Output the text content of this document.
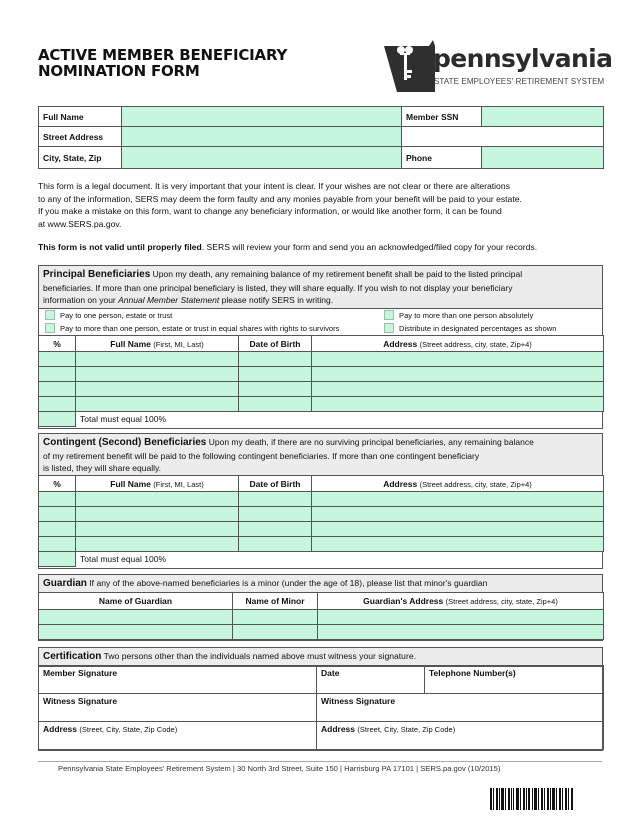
ACTIVE MEMBER BENEFICIARY
NOMINATION FORM	pennsylvania
STATE EMPLOYEES' RETIREMENT SYSTEM
Full Name		Member SSN	
Street Address			
City, State, Zip		Phone	
This form is a legal document. It is very important that your intent is clear. If your wishes are not clear or there are alterations
to any of the information, SERS may deem the form faulty and any monies payable from your benefit will be paid to your estate.
If you make a mistake on this form, want to change any beneficiary information, or would like another form, it can be found
at www.SERS.pa.gov.
This form is not valid until properly filed. SERS will review your form and send you an acknowledged/filed copy for your records.
Principal Beneficiaries Upon my death, any remaining balance of my retirement benefit shall be paid to the listed principal
beneficiaries. If more than one principal beneficiary is listed, they will share equally. If you wish to not display your beneficiary
information on your Annual Member Statement please notify SERS in writing.
Pay to one person, estate or trust	Pay to more than one person absolutely
Pay to more than one person, estate or trust in equal shares with rights to survivors	Distribute in designated percentages as shown
%	Full Name (First, MI, Last)	Date of Birth	Address (Street address, city, state, Zip+4)

	Total must equal 100%		
Contingent (Second) Beneficiaries Upon my death, if there are no surviving principal beneficiaries, any remaining balance
of my retirement benefit will be paid to the following contingent beneficiaries. If more than one contingent beneficiary
is listed, they will share equally.
%	Full Name (First, MI, Last)	Date of Birth	Address (Street address, city, state, Zip+4)

	Total must equal 100%		
Guardian If any of the above-named beneficiaries is a minor (under the age of 18), please list that minor's guardian
Name of Guardian	Name of Minor	Guardian's Address (Street address, city, state, Zip+4)

Certification Two persons other than the individuals named above must witness your signature.
Member Signature	Date	Telephone Number(s)
Witness Signature	Witness Signature	
Address (Street, City, State, Zip Code)	Address (Street, City, State, Zip Code)	
Pennsylvania State Employees' Retirement System | 30 North 3rd Street, Suite 150 | Harrisburg PA 17101 | SERS.pa.gov (10/2015)
